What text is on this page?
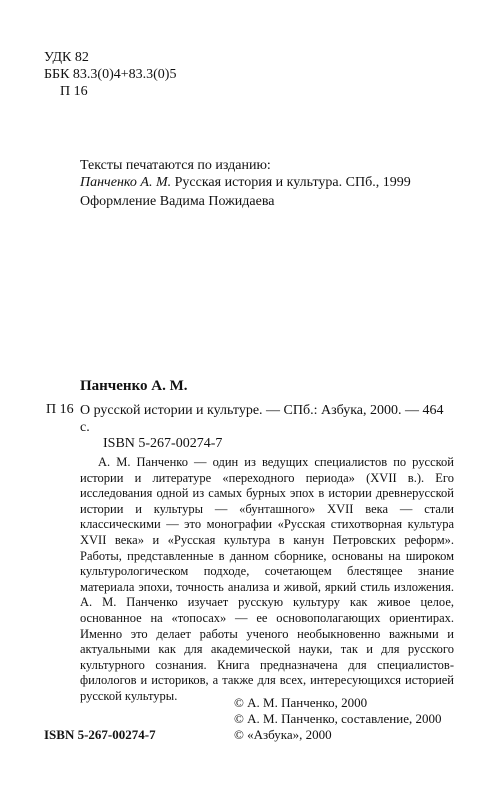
УДК 82
ББК 83.3(0)4+83.3(0)5
П 16
Тексты печатаются по изданию:
Панченко А. М. Русская история и культура. СПб., 1999
Оформление Вадима Пожидаева
Панченко А. М.
П 16 О русской истории и культуре. — СПб.: Азбука, 2000. — 464 с.
ISBN 5-267-00274-7
А. М. Панченко — один из ведущих специалистов по русской истории и литературе «переходного периода» (XVII в.). Его исследования одной из самых бурных эпох в истории древнерусской истории и культуры — «бунташного» XVII века — стали классическими — это монографии «Русская стихотворная культура XVII века» и «Русская культура в канун Петровских реформ». Работы, представленные в данном сборнике, основаны на широком культурологическом подходе, сочетающем блестящее знание материала эпохи, точность анализа и живой, яркий стиль изложения. А. М. Панченко изучает русскую культуру как живое целое, основанное на «топосах» — ее основополагающих ориентирах. Именно это делает работы ученого необыкновенно важными и актуальными как для академической науки, так и для русского культурного сознания. Книга предназначена для специалистов-филологов и историков, а также для всех, интересующихся историей русской культуры.
ISBN 5-267-00274-7
© А. М. Панченко, 2000
© А. М. Панченко, составление, 2000
© «Азбука», 2000
